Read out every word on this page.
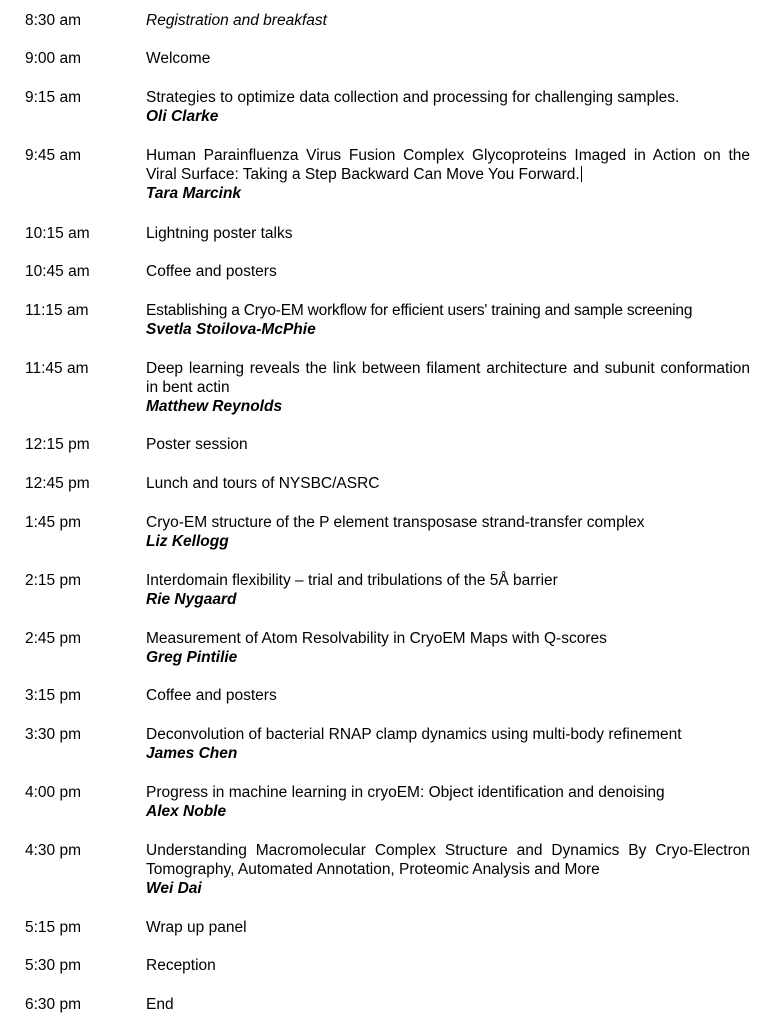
8:30 am	Registration and breakfast
9:00 am	Welcome
9:15 am	Strategies to optimize data collection and processing for challenging samples.
Oli Clarke
9:45 am	Human Parainfluenza Virus Fusion Complex Glycoproteins Imaged in Action on the Viral Surface: Taking a Step Backward Can Move You Forward.
Tara Marcink
10:15 am	Lightning poster talks
10:45 am	Coffee and posters
11:15 am	Establishing a Cryo-EM workflow for efficient users' training and sample screening
Svetla Stoilova-McPhie
11:45 am	Deep learning reveals the link between filament architecture and subunit conformation in bent actin
Matthew Reynolds
12:15 pm	Poster session
12:45 pm	Lunch and tours of NYSBC/ASRC
1:45 pm	Cryo-EM structure of the P element transposase strand-transfer complex
Liz Kellogg
2:15 pm	Interdomain flexibility – trial and tribulations of the 5Å barrier
Rie Nygaard
2:45 pm	Measurement of Atom Resolvability in CryoEM Maps with Q-scores
Greg Pintilie
3:15 pm	Coffee and posters
3:30 pm	Deconvolution of bacterial RNAP clamp dynamics using multi-body refinement
James Chen
4:00 pm	Progress in machine learning in cryoEM: Object identification and denoising
Alex Noble
4:30 pm	Understanding Macromolecular Complex Structure and Dynamics By Cryo-Electron Tomography, Automated Annotation, Proteomic Analysis and More
Wei Dai
5:15 pm	Wrap up panel
5:30 pm	Reception
6:30 pm	End
